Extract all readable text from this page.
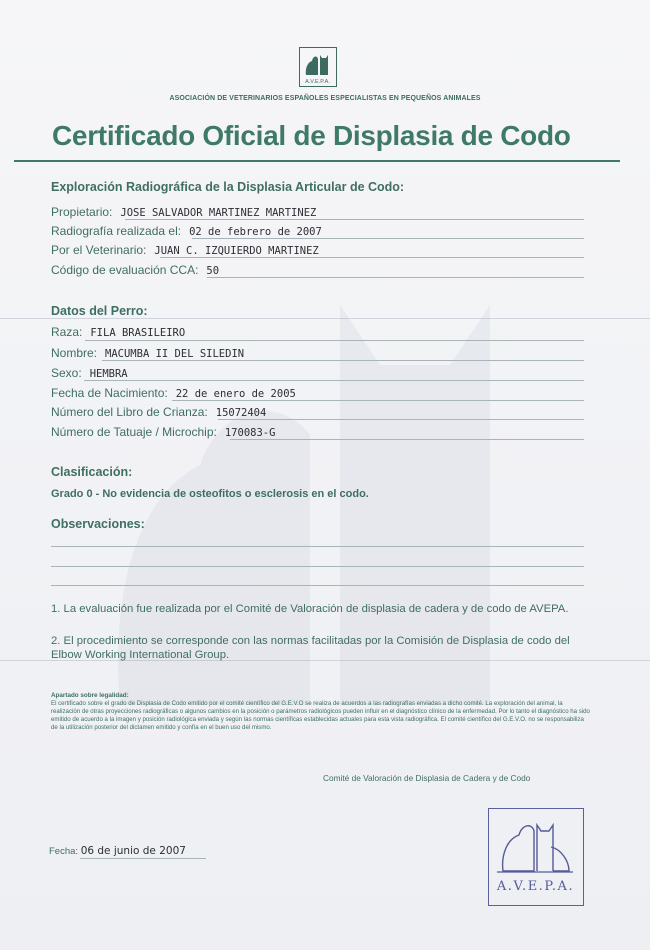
A.V.E.P.A.
ASOCIACIÓN DE VETERINARIOS ESPAÑOLES ESPECIALISTAS EN PEQUEÑOS ANIMALES
Certificado Oficial de Displasia de Codo
Exploración Radiográfica de la Displasia Articular de Codo:
Propietario: JOSE SALVADOR MARTINEZ MARTINEZ
Radiografía realizada el: 02 de febrero de 2007
Por el Veterinario: JUAN C. IZQUIERDO MARTINEZ
Código de evaluación CCA: 50
Datos del Perro:
Raza: FILA BRASILEIRO
Nombre: MACUMBA II DEL SILEDIN
Sexo: HEMBRA
Fecha de Nacimiento: 22 de enero de 2005
Número del Libro de Crianza: 15072404
Número de Tatuaje / Microchip: 170083-G
Clasificación:
Grado 0 - No evidencia de osteofitos o esclerosis en el codo.
Observaciones:
1. La evaluación fue realizada por el Comité de Valoración de displasia de cadera y de codo de AVEPA.
2. El procedimiento se corresponde con las normas facilitadas por la Comisión de Displasia de codo del Elbow Working International Group.
Apartado sobre legalidad:
El certificado sobre el grado de Displasia de Codo emitido por el comité científico del G.E.V.O se realiza de acuerdos a las radiografías enviadas a dicho comité. La exploración del animal, la realización de otras proyecciones radiográficas o algunos cambios en la posición o parámetros radiológicos pueden influir en el diagnóstico clínico de la enfermedad. Por lo tanto el diagnóstico ha sido emitido de acuerdo a la imagen y posición radiológica enviada y según las normas científicas establecidas actuales para esta vista radiográfica. El comité científico del G.E.V.O. no se responsabiliza de la utilización posterior del dictamen emitido y confía en el buen uso del mismo.
Comité de Valoración de Displasia de Cadera y de Codo
Fecha: 06 de junio de 2007
A.V.E.P.A.
